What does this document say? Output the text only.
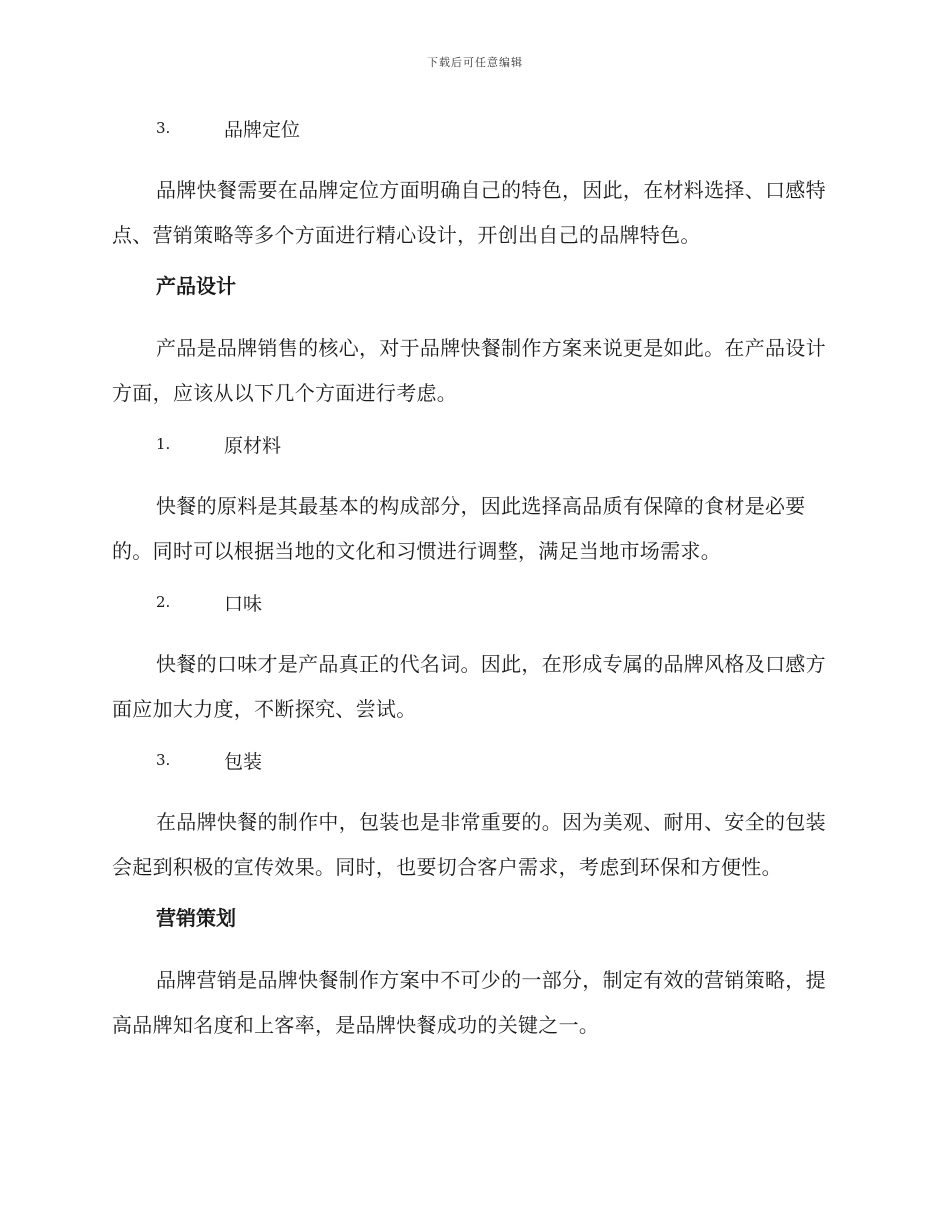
下载后可任意编辑
3.	品牌定位

品牌快餐需要在品牌定位方面明确自己的特色，因此，在材料选择、口感特点、营销策略等多个方面进行精心设计，开创出自己的品牌特色。

产品设计

产品是品牌销售的核心，对于品牌快餐制作方案来说更是如此。在产品设计方面，应该从以下几个方面进行考虑。

1.	原材料

快餐的原料是其最基本的构成部分，因此选择高品质有保障的食材是必要的。同时可以根据当地的文化和习惯进行调整，满足当地市场需求。

2.	口味

快餐的口味才是产品真正的代名词。因此，在形成专属的品牌风格及口感方面应加大力度，不断探究、尝试。

3.	包装

在品牌快餐的制作中，包装也是非常重要的。因为美观、耐用、安全的包装会起到积极的宣传效果。同时，也要切合客户需求，考虑到环保和方便性。

营销策划

品牌营销是品牌快餐制作方案中不可少的一部分，制定有效的营销策略，提高品牌知名度和上客率，是品牌快餐成功的关键之一。
